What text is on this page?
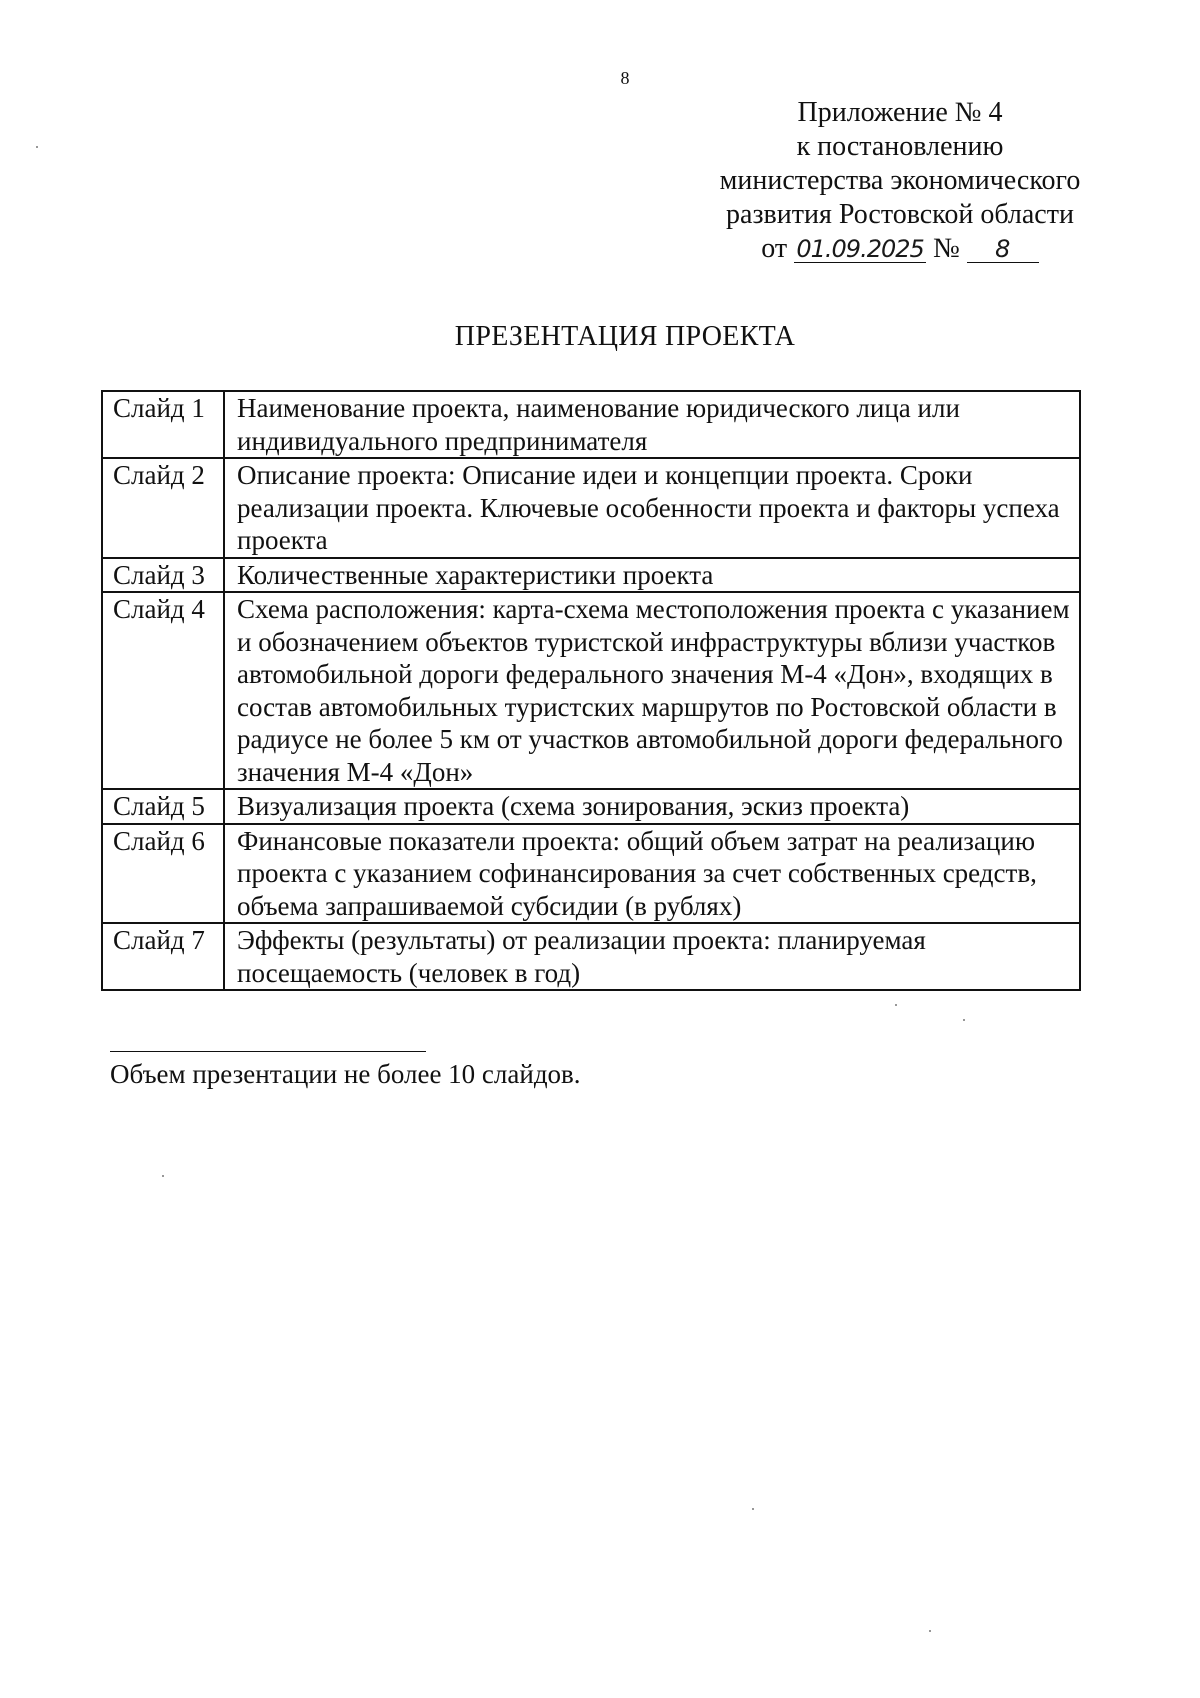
8
Приложение № 4
к постановлению
министерства экономического
развития Ростовской области
от 01.09.2025 № 8
ПРЕЗЕНТАЦИЯ ПРОЕКТА
Слайд 1	Наименование проекта, наименование юридического лица или индивидуального предпринимателя
Слайд 2	Описание проекта: Описание идеи и концепции проекта. Сроки реализации проекта. Ключевые особенности проекта и факторы успеха проекта
Слайд 3	Количественные характеристики проекта
Слайд 4	Схема расположения: карта-схема местоположения проекта с указанием и обозначением объектов туристской инфраструктуры вблизи участков автомобильной дороги федерального значения М-4 «Дон», входящих в состав автомобильных туристских маршрутов по Ростовской области в радиусе не более 5 км от участков автомобильной дороги федерального значения М-4 «Дон»
Слайд 5	Визуализация проекта (схема зонирования, эскиз проекта)
Слайд 6	Финансовые показатели проекта: общий объем затрат на реализацию проекта с указанием софинансирования за счет собственных средств, объема запрашиваемой субсидии (в рублях)
Слайд 7	Эффекты (результаты) от реализации проекта: планируемая посещаемость (человек в год)
Объем презентации не более 10 слайдов.
